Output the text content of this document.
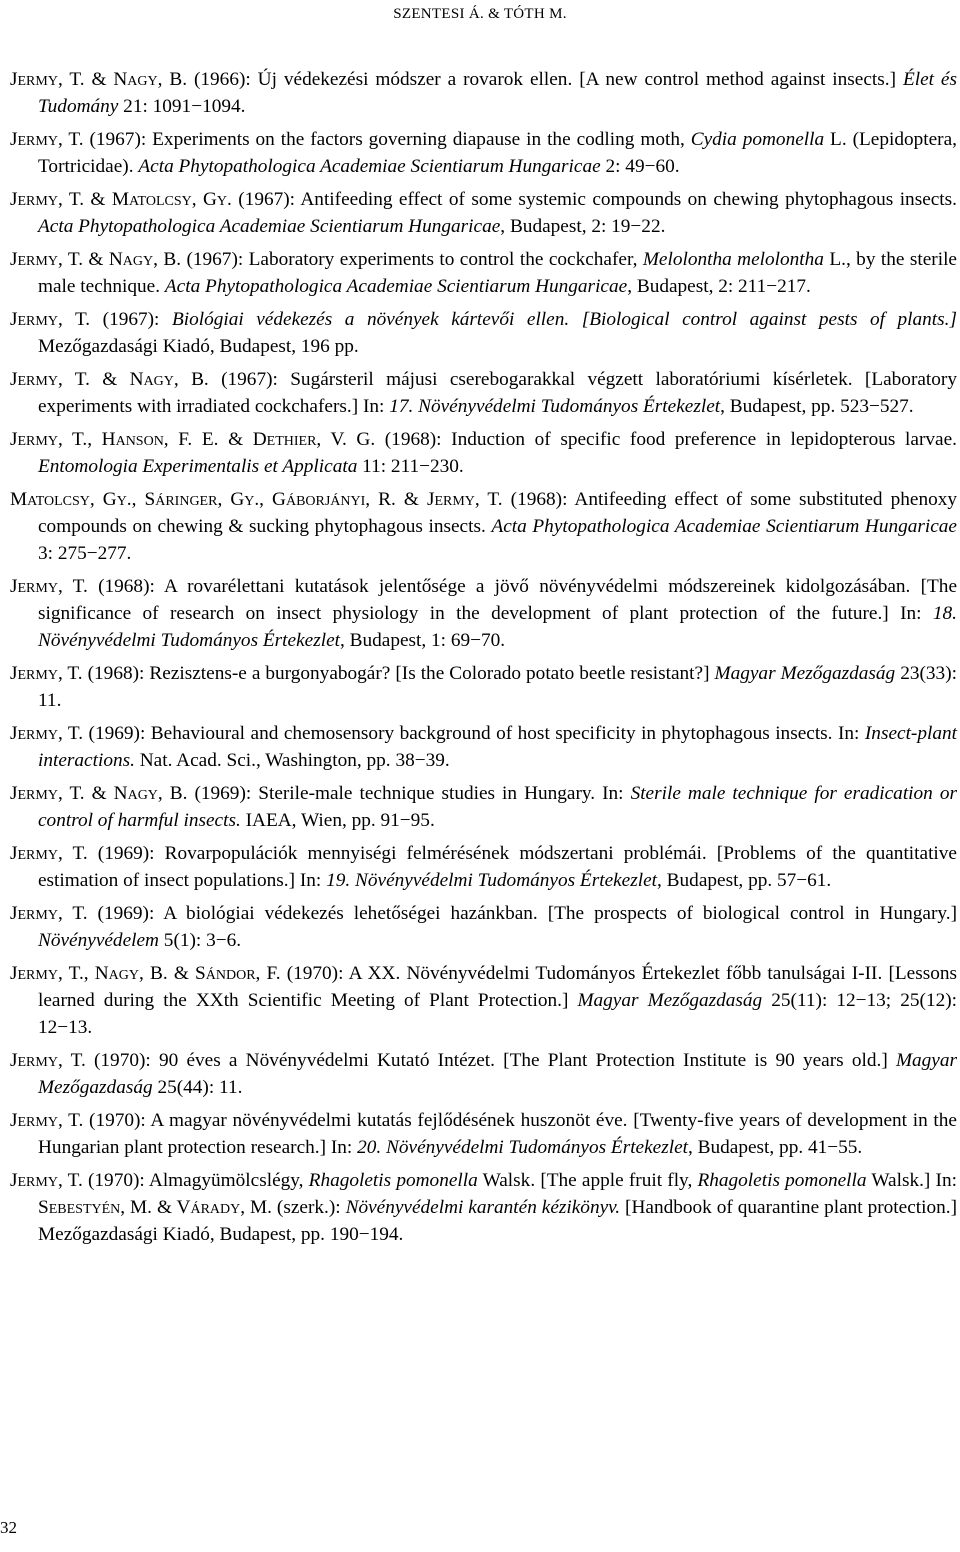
SZENTESI Á. & TÓTH M.

Jermy, T. & Nagy, B. (1966): Új védekezési módszer a rovarok ellen. [A new control method against insects.] Élet és Tudomány 21: 1091−1094.

Jermy, T. (1967): Experiments on the factors governing diapause in the codling moth, Cydia pomonella L. (Lepidoptera, Tortricidae). Acta Phytopathologica Academiae Scientiarum Hungaricae 2: 49−60.

Jermy, T. & Matolcsy, Gy. (1967): Antifeeding effect of some systemic compounds on chewing phytophagous insects. Acta Phytopathologica Academiae Scientiarum Hungaricae, Budapest, 2: 19−22.

Jermy, T. & Nagy, B. (1967): Laboratory experiments to control the cockchafer, Melolontha melolontha L., by the sterile male technique. Acta Phytopathologica Academiae Scientiarum Hungaricae, Budapest, 2: 211−217.

Jermy, T. (1967): Biológiai védekezés a növények kártevői ellen. [Biological control against pests of plants.] Mezőgazdasági Kiadó, Budapest, 196 pp.

Jermy, T. & Nagy, B. (1967): Sugársteril májusi cserebogarakkal végzett laboratóriumi kísérletek. [Laboratory experiments with irradiated cockchafers.] In: 17. Növényvédelmi Tudományos Értekezlet, Budapest, pp. 523−527.

Jermy, T., Hanson, F. E. & Dethier, V. G. (1968): Induction of specific food preference in lepidopterous larvae. Entomologia Experimentalis et Applicata 11: 211−230.

Matolcsy, Gy., Sáringer, Gy., Gáborjányi, R. & Jermy, T. (1968): Antifeeding effect of some substituted phenoxy compounds on chewing & sucking phytophagous insects. Acta Phytopathologica Academiae Scientiarum Hungaricae 3: 275−277.

Jermy, T. (1968): A rovarélettani kutatások jelentősége a jövő növényvédelmi módszereinek kidolgozásában. [The significance of research on insect physiology in the development of plant protection of the future.] In: 18. Növényvédelmi Tudományos Értekezlet, Budapest, 1: 69−70.

Jermy, T. (1968): Rezisztens-e a burgonyabogár? [Is the Colorado potato beetle resistant?] Magyar Mezőgazdaság 23(33): 11.

Jermy, T. (1969): Behavioural and chemosensory background of host specificity in phytophagous insects. In: Insect-plant interactions. Nat. Acad. Sci., Washington, pp. 38−39.

Jermy, T. & Nagy, B. (1969): Sterile-male technique studies in Hungary. In: Sterile male technique for eradication or control of harmful insects. IAEA, Wien, pp. 91−95.

Jermy, T. (1969): Rovarpopulációk mennyiségi felmérésének módszertani problémái. [Problems of the quantitative estimation of insect populations.] In: 19. Növényvédelmi Tudományos Értekezlet, Budapest, pp. 57−61.

Jermy, T. (1969): A biológiai védekezés lehetőségei hazánkban. [The prospects of biological control in Hungary.] Növényvédelem 5(1): 3−6.

Jermy, T., Nagy, B. & Sándor, F. (1970): A XX. Növényvédelmi Tudományos Értekezlet főbb tanulságai I-II. [Lessons learned during the XXth Scientific Meeting of Plant Protection.] Magyar Mezőgazdaság 25(11): 12−13; 25(12): 12−13.

Jermy, T. (1970): 90 éves a Növényvédelmi Kutató Intézet. [The Plant Protection Institute is 90 years old.] Magyar Mezőgazdaság 25(44): 11.

Jermy, T. (1970): A magyar növényvédelmi kutatás fejlődésének huszonöt éve. [Twenty-five years of development in the Hungarian plant protection research.] In: 20. Növényvédelmi Tudományos Értekezlet, Budapest, pp. 41−55.

Jermy, T. (1970): Almagyümölcslégy, Rhagoletis pomonella Walsk. [The apple fruit fly, Rhagoletis pomonella Walsk.] In: Sebestyén, M. & Várady, M. (szerk.): Növényvédelmi karantén kézikönyv. [Handbook of quarantine plant protection.] Mezőgazdasági Kiadó, Budapest, pp. 190−194.

32
